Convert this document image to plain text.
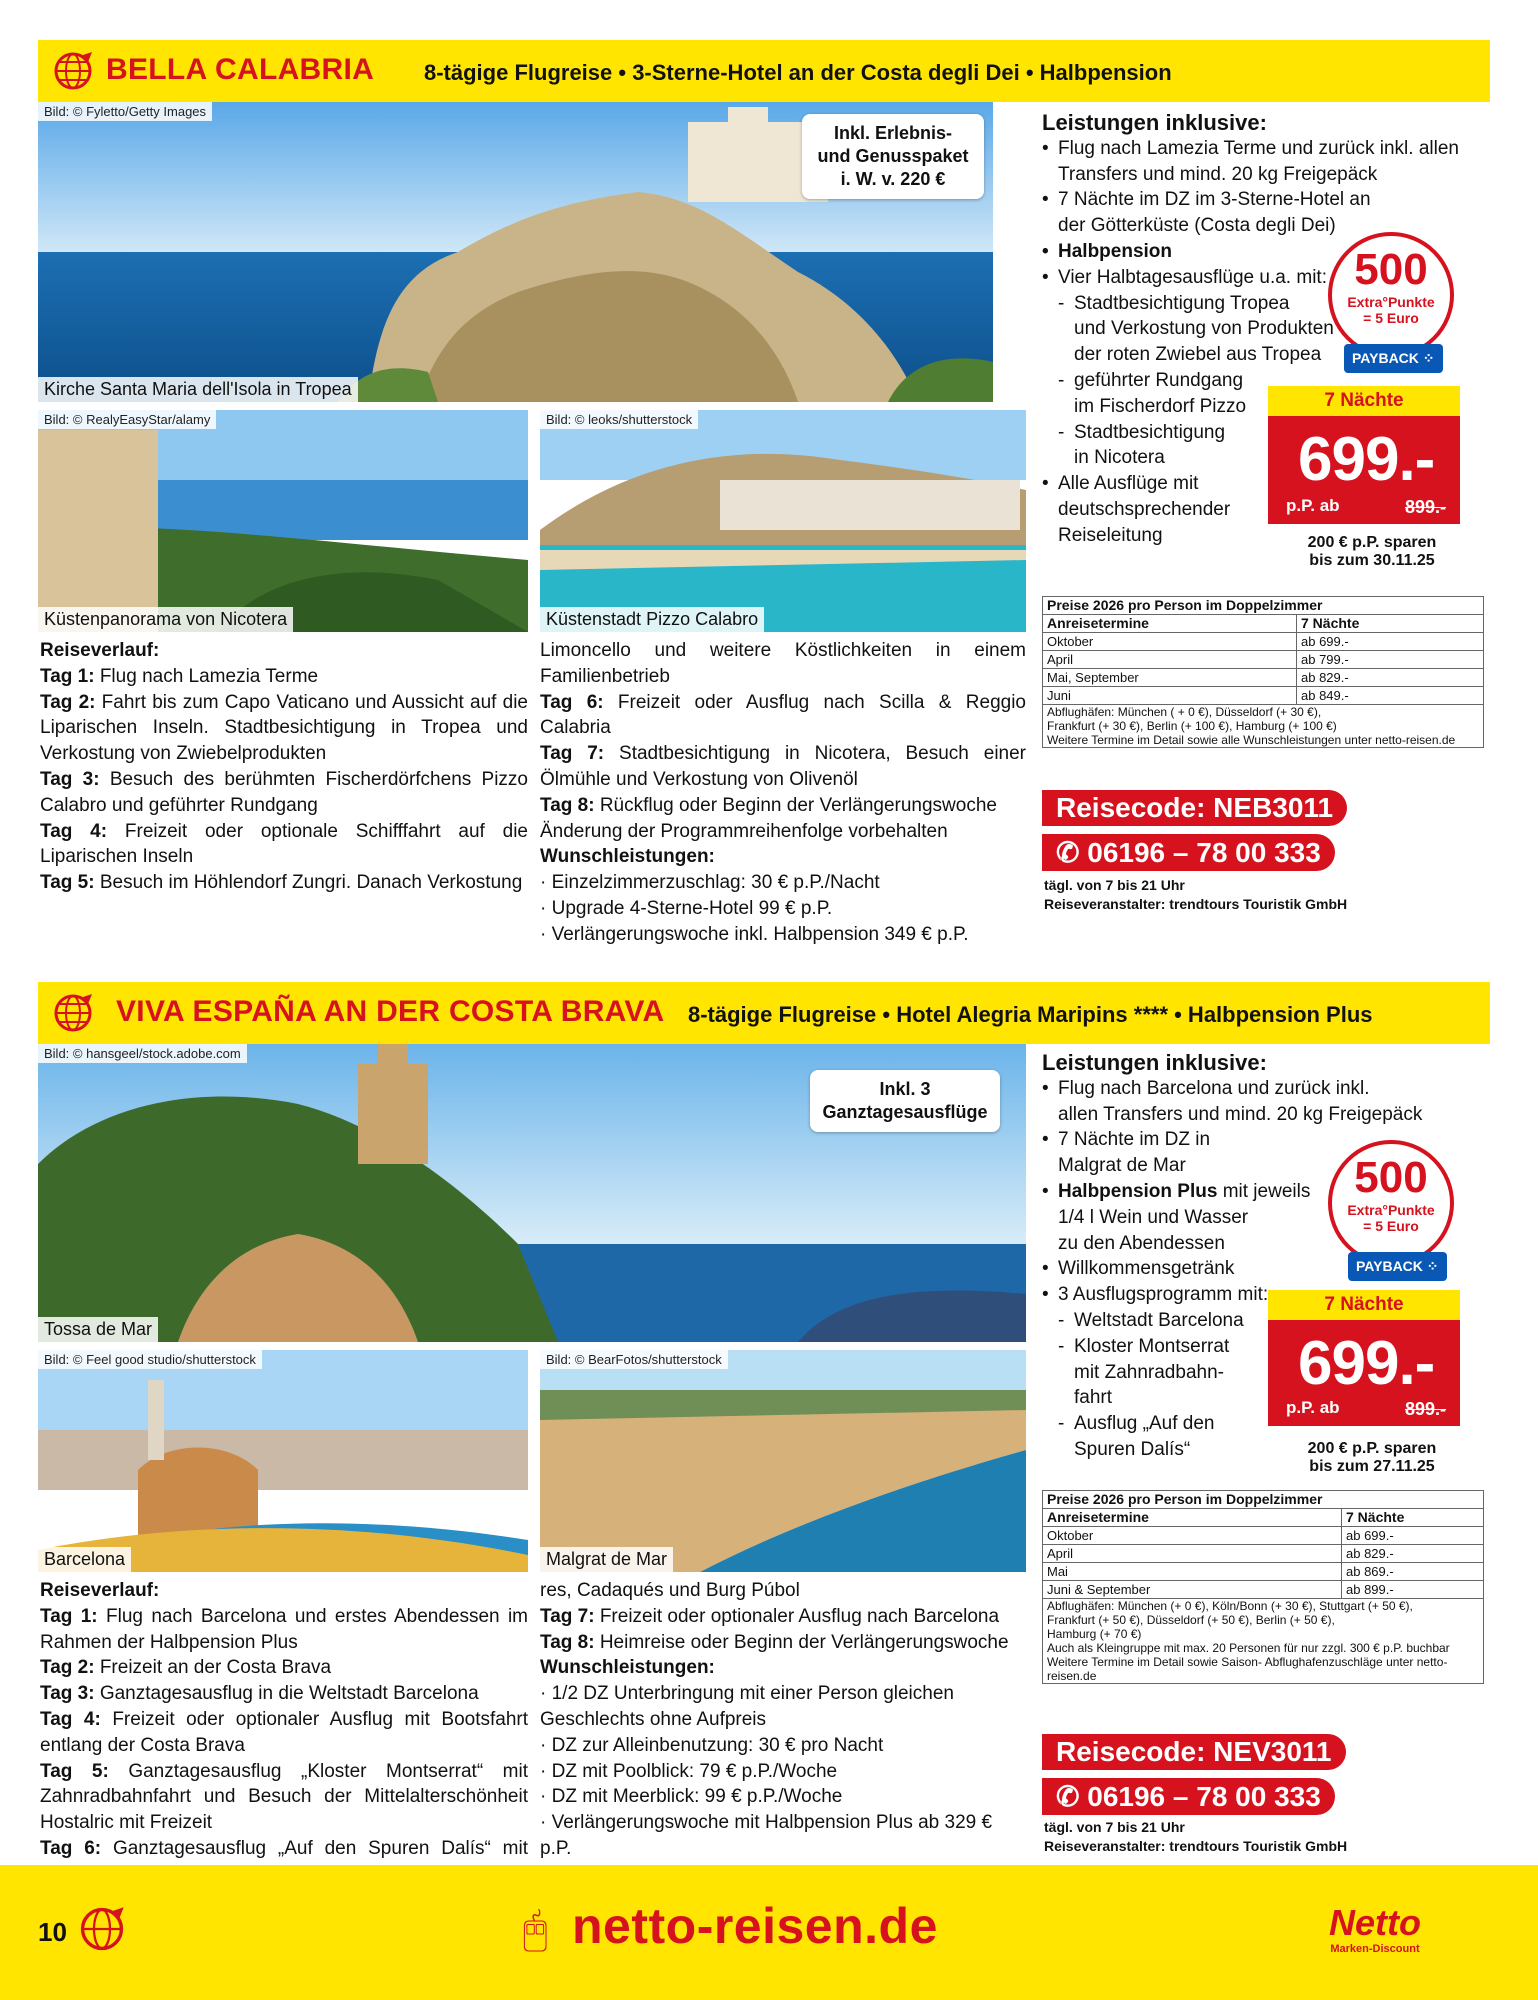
BELLA CALABRIA 8-tägige Flugreise • 3-Sterne-Hotel an der Costa degli Dei • Halbpension
Bild: © Fyletto/Getty Images
Kirche Santa Maria dell'Isola in Tropea
Inkl. Erlebnis-
und Genusspaket
i. W. v. 220 €
Bild: © RealyEasyStar/alamy
Küstenpanorama von Nicotera
Bild: © leoks/shutterstock
Küstenstadt Pizzo Calabro

Reiseverlauf:

Tag 1: Flug nach Lamezia Terme

Tag 2: Fahrt bis zum Capo Vaticano und Aussicht auf die Liparischen Inseln. Stadtbesichtigung in Tropea und Verkostung von Zwiebelprodukten

Tag 3: Besuch des berühmten Fischerdörfchens Pizzo Calabro und geführter Rundgang

Tag 4: Freizeit oder optionale Schifffahrt auf die Liparischen Inseln

Tag 5: Besuch im Höhlendorf Zungri. Danach Verkostung

Limoncello und weitere Köstlichkeiten in einem Familienbetrieb

Tag 6: Freizeit oder Ausflug nach Scilla & Reggio Calabria

Tag 7: Stadtbesichtigung in Nicotera, Besuch einer Ölmühle und Verkostung von Olivenöl

Tag 8: Rückflug oder Beginn der Verlängerungswoche

Änderung der Programmreihenfolge vorbehalten

Wunschleistungen:

· Einzelzimmerzuschlag: 30 € p.P./Nacht

· Upgrade 4-Sterne-Hotel 99 € p.P.

· Verlängerungswoche inkl. Halbpension 349 € p.P.

Leistungen inklusive:

• Flug nach Lamezia Terme und zurück inkl. allen

Transfers und mind. 20 kg Freigepäck

• 7 Nächte im DZ im 3-Sterne-Hotel an

der Götterküste (Costa degli Dei)

• Halbpension

• Vier Halbtagesausflüge u.a. mit:

- Stadtbesichtigung Tropea

und Verkostung von Produkten

der roten Zwiebel aus Tropea

- geführter Rundgang

im Fischerdorf Pizzo

- Stadtbesichtigung

in Nicotera

• Alle Ausflüge mit

deutschsprechender

Reiseleitung

500
Extra°Punkte
= 5 Euro
PAYBACK ⁘
7 Nächte
699.-
p.P. ab	899.-
200 € p.P. sparen
bis zum 30.11.25
Preise 2026 pro Person im Doppelzimmer	
Anreisetermine	7 Nächte
Oktober	ab 699.-
April	ab 799.-
Mai, September	ab 829.-
Juni	ab 849.-

Abflughäfen: München ( + 0 €), Düsseldorf (+ 30 €),
Frankfurt (+ 30 €), Berlin (+ 100 €), Hamburg (+ 100 €)
Weitere Termine im Detail sowie alle Wunschleistungen unter netto-reisen.de	
Reisecode: NEB3011
✆ 06196 – 78 00 333
tägl. von 7 bis 21 Uhr
Reiseveranstalter: trendtours Touristik GmbH
VIVA ESPAÑA AN DER COSTA BRAVA 8-tägige Flugreise • Hotel Alegria Maripins **** • Halbpension Plus
Bild: © hansgeel/stock.adobe.com
Tossa de Mar
Inkl. 3
Ganztagesausflüge
Bild: © Feel good studio/shutterstock
Barcelona
Bild: © BearFotos/shutterstock
Malgrat de Mar

Reiseverlauf:

Tag 1: Flug nach Barcelona und erstes Abendessen im Rahmen der Halbpension Plus

Tag 2: Freizeit an der Costa Brava

Tag 3: Ganztagesausflug in die Weltstadt Barcelona

Tag 4: Freizeit oder optionaler Ausflug mit Bootsfahrt entlang der Costa Brava

Tag 5: Ganztagesausflug „Kloster Montserrat“ mit Zahnradbahnfahrt und Besuch der Mittelalterschönheit Hostalric mit Freizeit

Tag 6: Ganztagesausflug „Auf den Spuren Dalís“ mit

res, Cadaqués und Burg Púbol

Tag 7: Freizeit oder optionaler Ausflug nach Barcelona

Tag 8: Heimreise oder Beginn der Verlängerungswoche

Wunschleistungen:

· 1/2 DZ Unterbringung mit einer Person gleichen Geschlechts ohne Aufpreis

· DZ zur Alleinbenutzung: 30 € pro Nacht

· DZ mit Poolblick: 79 € p.P./Woche

· DZ mit Meerblick: 99 € p.P./Woche

· Verlängerungswoche mit Halbpension Plus ab 329 € p.P.

Leistungen inklusive:

• Flug nach Barcelona und zurück inkl.

allen Transfers und mind. 20 kg Freigepäck

• 7 Nächte im DZ in

Malgrat de Mar

• Halbpension Plus mit jeweils

1/4 l Wein und Wasser

zu den Abendessen

• Willkommensgetränk

• 3 Ausflugsprogramm mit:

- Weltstadt Barcelona

- Kloster Montserrat

mit Zahnradbahn-

fahrt

- Ausflug „Auf den

Spuren Dalís“

500
Extra°Punkte
= 5 Euro
PAYBACK ⁘
7 Nächte
699.-
p.P. ab	899.-
200 € p.P. sparen
bis zum 27.11.25
Preise 2026 pro Person im Doppelzimmer	
Anreisetermine	7 Nächte
Oktober	ab 699.-
April	ab 829.-
Mai	ab 869.-
Juni & September	ab 899.-

Abflughäfen: München (+ 0 €), Köln/Bonn (+ 30 €), Stuttgart (+ 50 €),
Frankfurt (+ 50 €), Düsseldorf (+ 50 €), Berlin (+ 50 €),
Hamburg (+ 70 €)
Auch als Kleingruppe mit max. 20 Personen für nur zzgl. 300 € p.P. buchbar
Weitere Termine im Detail sowie Saison- Abflughafenzuschläge unter netto-reisen.de	
Reisecode: NEV3011
✆ 06196 – 78 00 333
tägl. von 7 bis 21 Uhr
Reiseveranstalter: trendtours Touristik GmbH
10	🖰 netto-reisen.de	Netto
Marken-Discount
